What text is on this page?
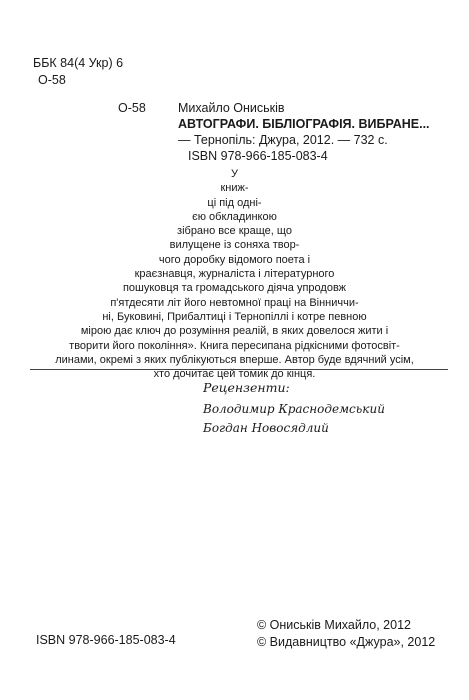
ББК 84(4 Укр) 6
О-58
О-58	Михайло Ониськів
АВТОГРАФИ. БІБЛІОГРАФІЯ. ВИБРАНЕ...
— Тернопіль: Джура, 2012. — 732 с.
ISBN 978-966-185-083-4
У
книж-
ці під одні-
єю обкладинкою
зібрано все краще, що
вилущене із соняха твор-
чого доробку відомого поета і
краєзнавця, журналіста і літературного
пошуковця та громадського діяча упродовж
п'ятдесяти літ його невтомної праці на Вінниччи-
ні, Буковині, Прибалтиці і Тернопіллі і котре певною
мірою дає ключ до розуміння реалій, в яких довелося жити і
творити його покоління». Книга пересипана рідкісними фотосвіт-
линами, окремі з яких публікуються вперше. Автор буде вдячний усім,
хто дочитає цей томик до кінця.
Рецензенти:
Володимир Краснодемський
Богдан Новосядлий
ISBN 978-966-185-083-4
© Ониськів Михайло, 2012
© Видавництво «Джура», 2012
